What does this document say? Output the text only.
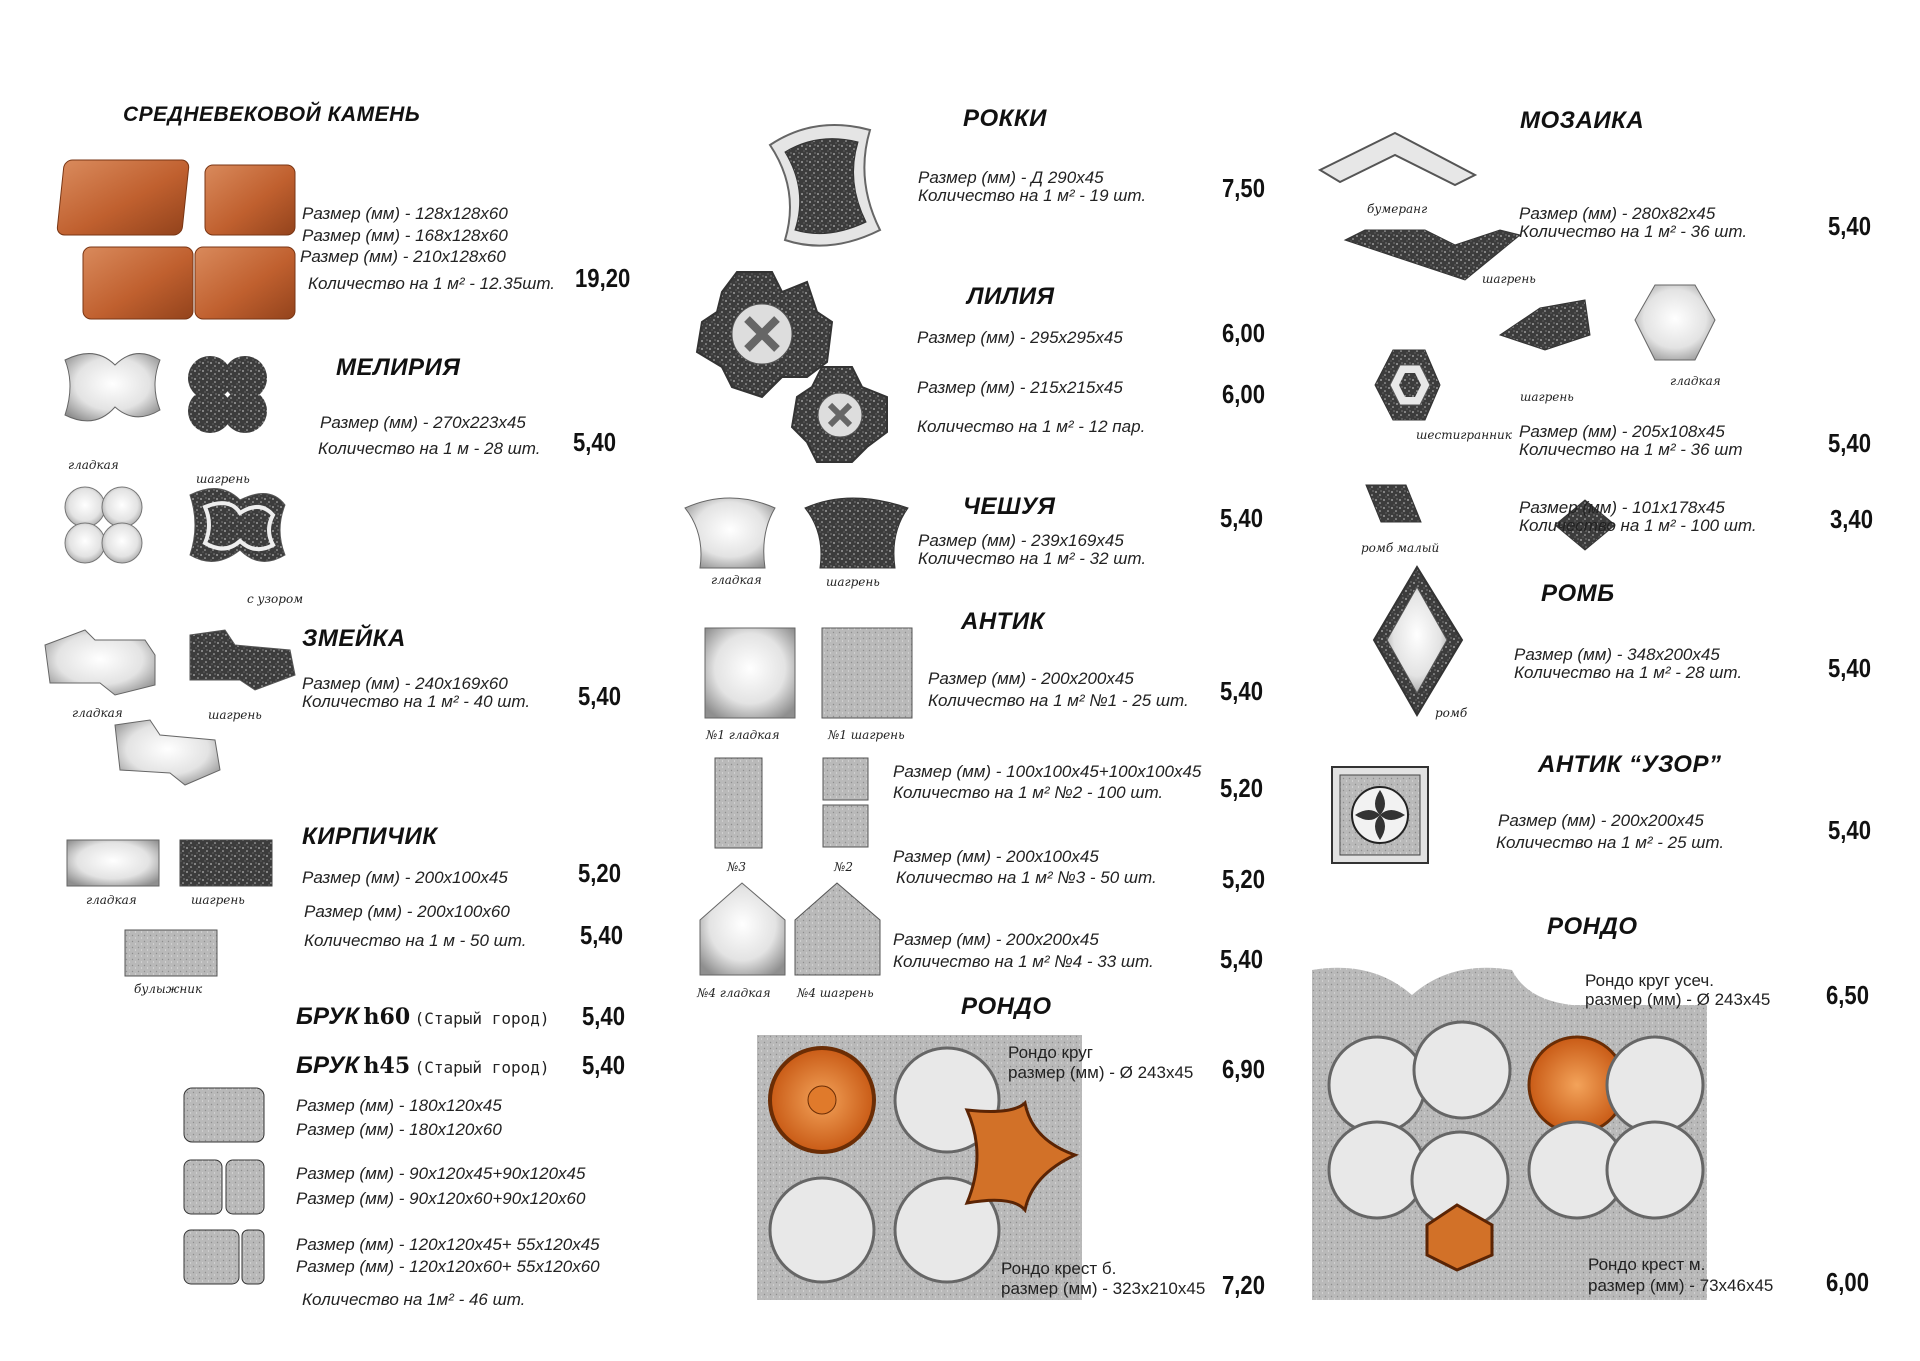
СРЕДНЕВЕКОВОЙ КАМЕНЬ
Размер (мм) - 128х128х60
Размер (мм) - 168х128х60
Размер (мм) - 210х128х60
Количество на 1 м² - 12.35шт. 19,20
гладкая
шагрень
с узором
МЕЛИРИЯ
Размер (мм) - 270х223х45
Количество на 1 м - 28 шт. 5,40
гладкая	шагрень
ЗМЕЙКА
Размер (мм) - 240х169х60
Количество на 1 м² - 40 шт. 5,40
гладкая	шагрень
булыжник
КИРПИЧИК
Размер (мм) - 200х100х45	5,20
Размер (мм) - 200х100х60
Количество на 1 м - 50 шт. 5,40
БРУК h60 (Старый город) 5,40
БРУК h45 (Старый город) 5,40
Размер (мм) - 180х120х45
Размер (мм) - 180х120х60
Размер (мм) - 90х120х45+90х120х45
Размер (мм) - 90х120х60+90х120х60
Размер (мм) - 120х120х45+ 55х120х45
Размер (мм) - 120х120х60+ 55х120х60
Количество на 1м² - 46 шт.
РОККИ
Размер (мм) - Д 290х45
Количество на 1 м² - 19 шт.	7,50
ЛИЛИЯ
Размер (мм) - 295х295х45	6,00
Размер (мм) - 215х215х45	6,00
Количество на 1 м² - 12 пар.
ЧЕШУЯ
гладкая	шагрень
Размер (мм) - 239х169х45
Количество на 1 м² - 32 шт.
5,40
АНТИК
№1 гладкая	№1 шагрень
Размер (мм) - 200х200х45
Количество на 1 м² №1 - 25 шт. 5,40
№3	№2
Размер (мм) - 100х100х45+100х100х45
Количество на 1 м² №2 - 100 шт. 5,20
Размер (мм) - 200х100х45
Количество на 1 м² №3 - 50 шт.	5,20
Размер (мм) - 200х200х45
Количество на 1 м² №4 - 33 шт.	5,40
№4 гладкая №4 шагрень	РОНДО
Рондо круг
размер (мм) - Ø 243х45 6,90
Рондо крест б.
размер (мм) - 323х210х45 7,20
МОЗАИКА
бумеранг
шагрень
Размер (мм) - 280х82х45
Количество на 1 м² - 36 шт.	5,40
шагрень
гладкая
шестигранник Размер (мм) - 205х108х45
Количество на 1 м² - 36 шт	5,40
ромб малый
Размер (мм) - 101х178х45
Количество на 1 м² - 100 шт.	3,40
РОМБ
ромб
Размер (мм) - 348х200х45
Количество на 1 м² - 28 шт.	5,40
АНТИК “УЗОР”
Размер (мм) - 200х200х45
Количество на 1 м² - 25 шт.	5,40
РОНДО
Рондо круг усеч.
размер (мм) - Ø 243х45 6,50
Рондо крест м.
размер (мм) - 73х46х45 6,00
